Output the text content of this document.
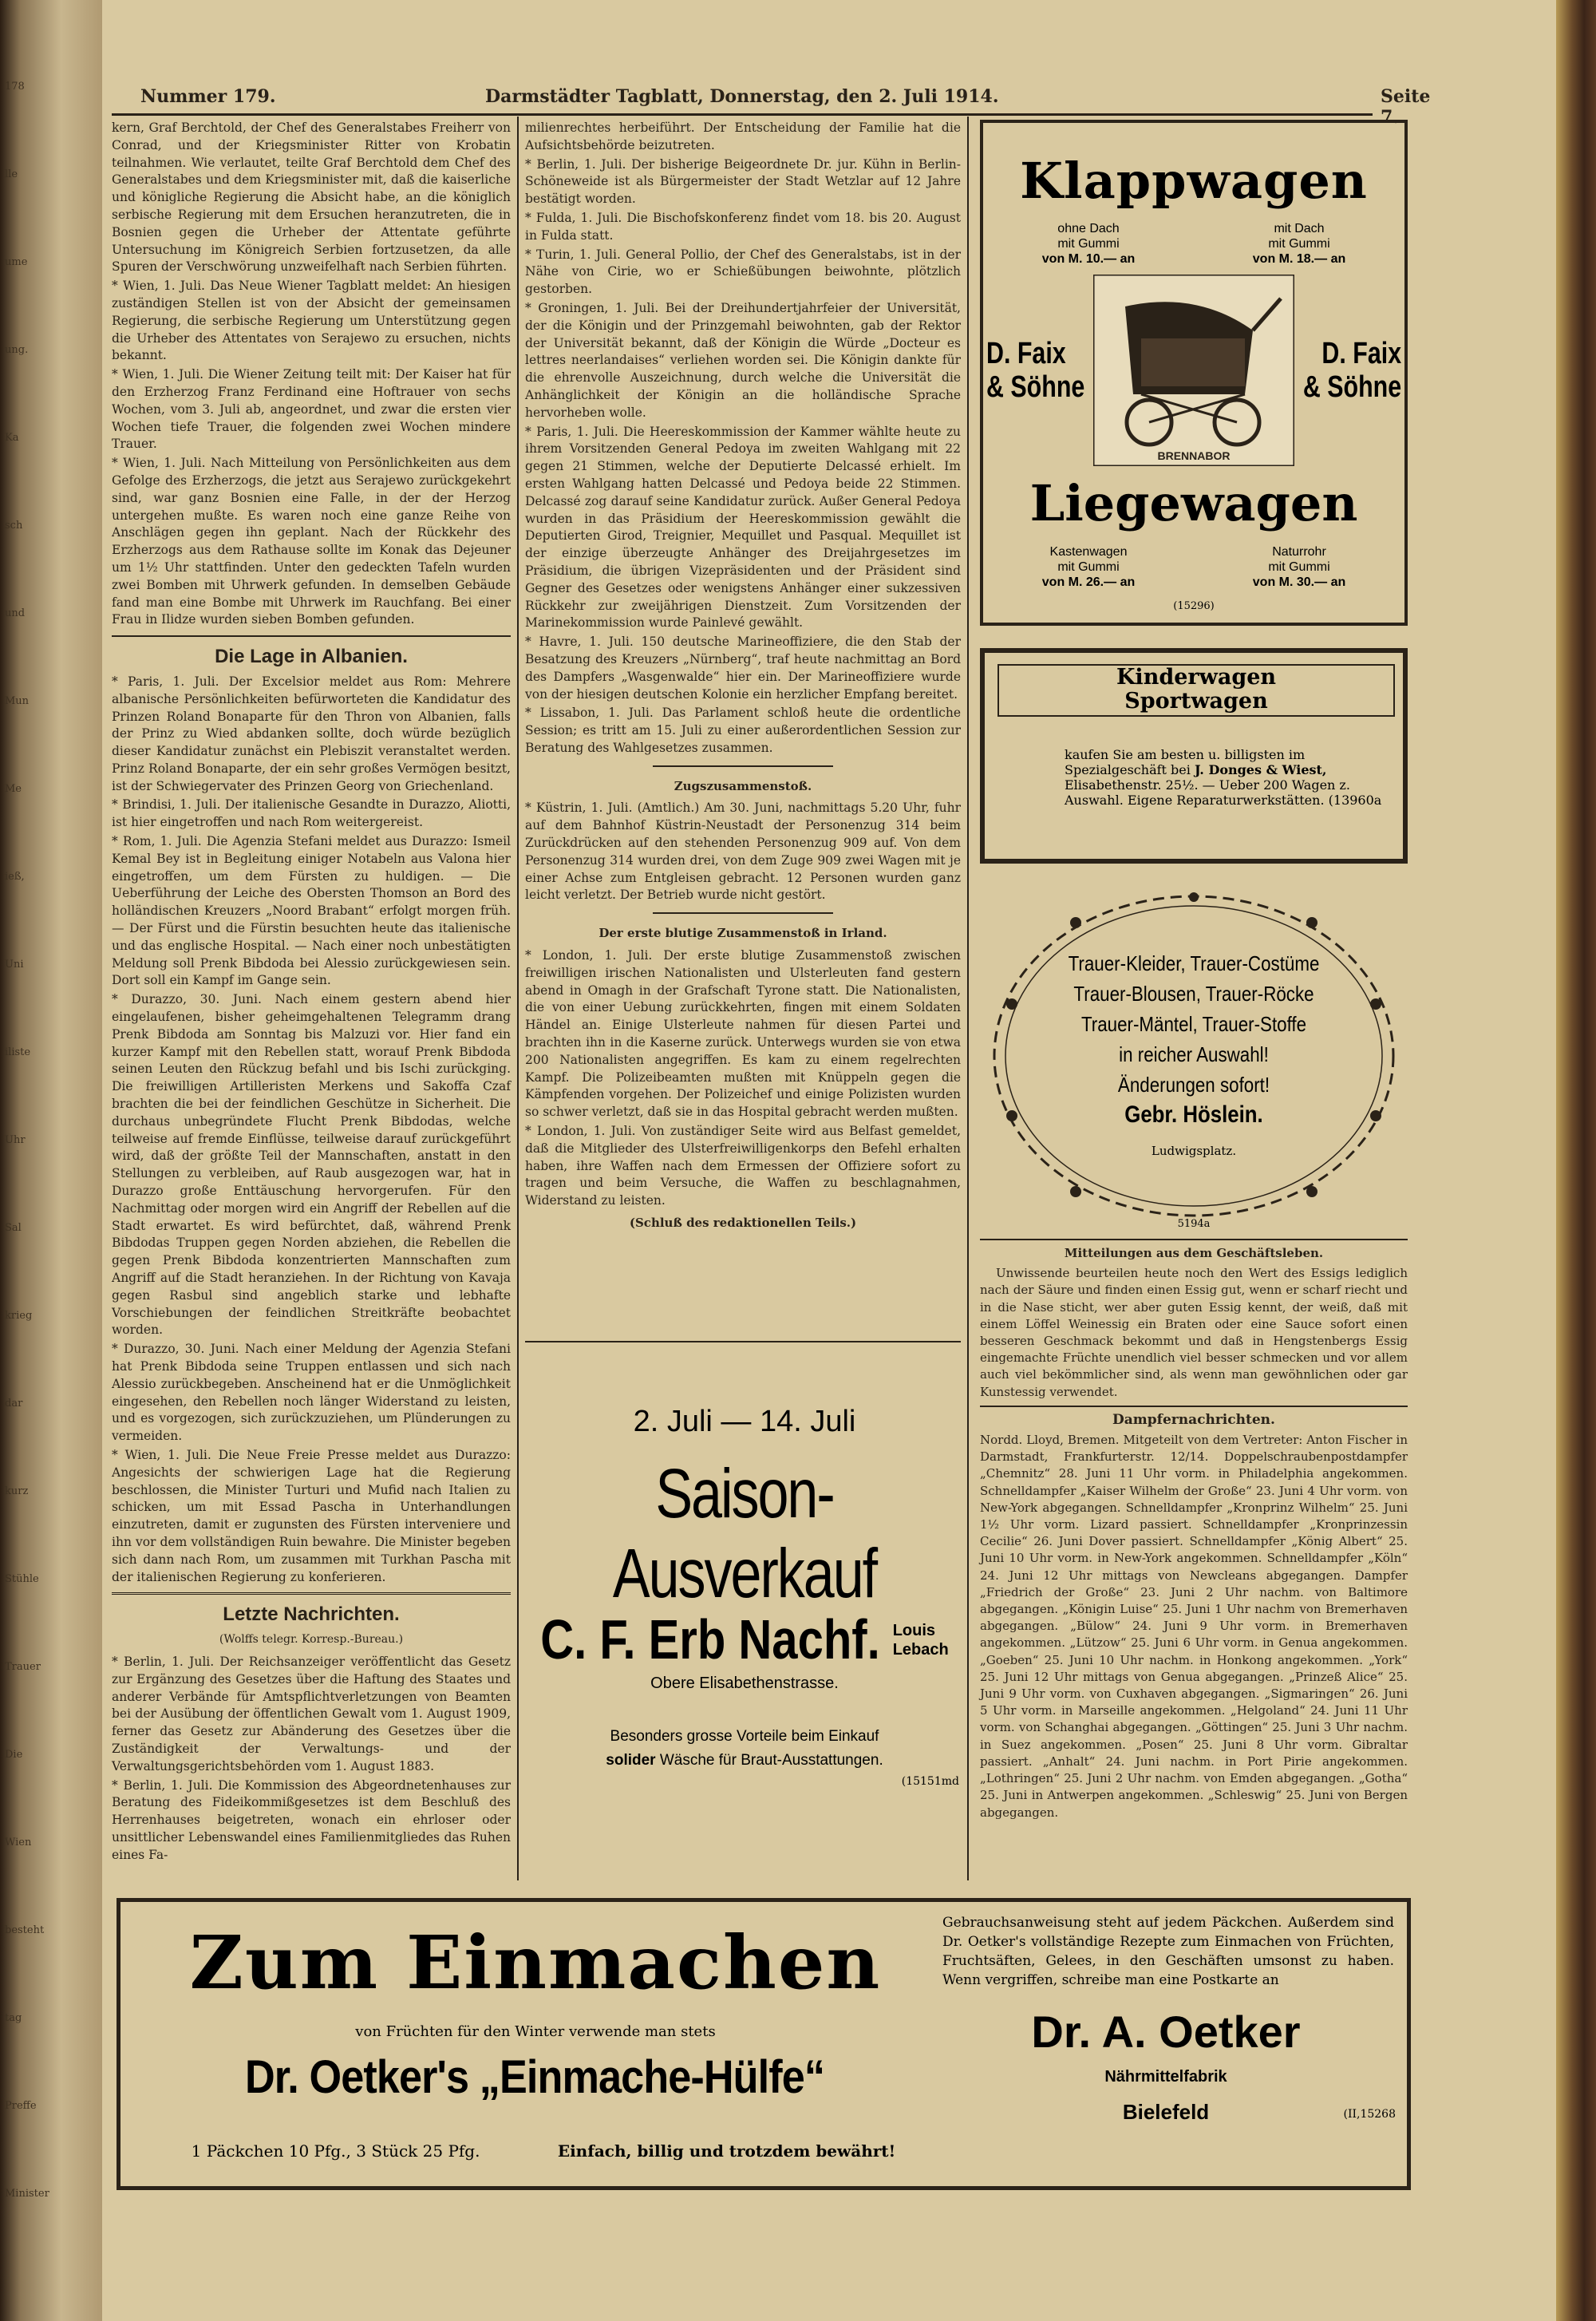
178
lle
ume
ung.
Ka
sch
und
Mun
Me
ieß,
Uni
iliste
Uhr
Sal
krieg
dar
kurz
Stühle
Trauer
Die
Wien
besteht
tag
Preffe
Minister
Nummer 179.	Darmstädter Tagblatt, Donnerstag, den 2. Juli 1914.	Seite 7.

kern, Graf Berchtold, der Chef des Generalstabes Freiherr von Conrad, und der Kriegsminister Ritter von Krobatin teilnahmen. Wie verlautet, teilte Graf Berchtold dem Chef des Generalstabes und dem Kriegsminister mit, daß die kaiserliche und königliche Regierung die Absicht habe, an die königlich serbische Regierung mit dem Ersuchen heranzutreten, die in Bosnien gegen die Urheber der Attentate geführte Untersuchung im Königreich Serbien fortzusetzen, da alle Spuren der Verschwörung unzweifelhaft nach Serbien führten.

* Wien, 1. Juli. Das Neue Wiener Tagblatt meldet: An hiesigen zuständigen Stellen ist von der Absicht der gemeinsamen Regierung, die serbische Regierung um Unterstützung gegen die Urheber des Attentates von Serajewo zu ersuchen, nichts bekannt.

* Wien, 1. Juli. Die Wiener Zeitung teilt mit: Der Kaiser hat für den Erzherzog Franz Ferdinand eine Hoftrauer von sechs Wochen, vom 3. Juli ab, angeordnet, und zwar die ersten vier Wochen tiefe Trauer, die folgenden zwei Wochen mindere Trauer.

* Wien, 1. Juli. Nach Mitteilung von Persönlichkeiten aus dem Gefolge des Erzherzogs, die jetzt aus Serajewo zurückgekehrt sind, war ganz Bosnien eine Falle, in der der Herzog untergehen mußte. Es waren noch eine ganze Reihe von Anschlägen gegen ihn geplant. Nach der Rückkehr des Erzherzogs aus dem Rathause sollte im Konak das Dejeuner um 1½ Uhr stattfinden. Unter den gedeckten Tafeln wurden zwei Bomben mit Uhrwerk gefunden. In demselben Gebäude fand man eine Bombe mit Uhrwerk im Rauchfang. Bei einer Frau in Ilidze wurden sieben Bomben gefunden.

Die Lage in Albanien.

* Paris, 1. Juli. Der Excelsior meldet aus Rom: Mehrere albanische Persönlichkeiten befürworteten die Kandidatur des Prinzen Roland Bonaparte für den Thron von Albanien, falls der Prinz zu Wied abdanken sollte, doch würde bezüglich dieser Kandidatur zunächst ein Plebiszit veranstaltet werden. Prinz Roland Bonaparte, der ein sehr großes Vermögen besitzt, ist der Schwiegervater des Prinzen Georg von Griechenland.

* Brindisi, 1. Juli. Der italienische Gesandte in Durazzo, Aliotti, ist hier eingetroffen und nach Rom weitergereist.

* Rom, 1. Juli. Die Agenzia Stefani meldet aus Durazzo: Ismeil Kemal Bey ist in Begleitung einiger Notabeln aus Valona hier eingetroffen, um dem Fürsten zu huldigen. — Die Ueberführung der Leiche des Obersten Thomson an Bord des holländischen Kreuzers „Noord Brabant“ erfolgt morgen früh. — Der Fürst und die Fürstin besuchten heute das italienische und das englische Hospital. — Nach einer noch unbestätigten Meldung soll Prenk Bibdoda bei Alessio zurückgewiesen sein. Dort soll ein Kampf im Gange sein.

* Durazzo, 30. Juni. Nach einem gestern abend hier eingelaufenen, bisher geheimgehaltenen Telegramm drang Prenk Bibdoda am Sonntag bis Malzuzi vor. Hier fand ein kurzer Kampf mit den Rebellen statt, worauf Prenk Bibdoda seinen Leuten den Rückzug befahl und bis Ischi zurückging. Die freiwilligen Artilleristen Merkens und Sakoffa Czaf brachten die bei der feindlichen Geschütze in Sicherheit. Die durchaus unbegründete Flucht Prenk Bibdodas, welche teilweise auf fremde Einflüsse, teilweise darauf zurückgeführt wird, daß der größte Teil der Mannschaften, anstatt in den Stellungen zu verbleiben, auf Raub ausgezogen war, hat in Durazzo große Enttäuschung hervorgerufen. Für den Nachmittag oder morgen wird ein Angriff der Rebellen auf die Stadt erwartet. Es wird befürchtet, daß, während Prenk Bibdodas Truppen gegen Norden abziehen, die Rebellen die gegen Prenk Bibdoda konzentrierten Mannschaften zum Angriff auf die Stadt heranziehen. In der Richtung von Kavaja gegen Rasbul sind angeblich starke und lebhafte Vorschiebungen der feindlichen Streitkräfte beobachtet worden.

* Durazzo, 30. Juni. Nach einer Meldung der Agenzia Stefani hat Prenk Bibdoda seine Truppen entlassen und sich nach Alessio zurückbegeben. Anscheinend hat er die Unmöglichkeit eingesehen, den Rebellen noch länger Widerstand zu leisten, und es vorgezogen, sich zurückzuziehen, um Plünderungen zu vermeiden.

* Wien, 1. Juli. Die Neue Freie Presse meldet aus Durazzo: Angesichts der schwierigen Lage hat die Regierung beschlossen, die Minister Turturi und Mufid nach Italien zu schicken, um mit Essad Pascha in Unterhandlungen einzutreten, damit er zugunsten des Fürsten interveniere und ihn vor dem vollständigen Ruin bewahre. Die Minister begeben sich dann nach Rom, um zusammen mit Turkhan Pascha mit der italienischen Regierung zu konferieren.

Letzte Nachrichten.
(Wolffs telegr. Korresp.-Bureau.)

* Berlin, 1. Juli. Der Reichsanzeiger veröffentlicht das Gesetz zur Ergänzung des Gesetzes über die Haftung des Staates und anderer Verbände für Amtspflichtverletzungen von Beamten bei der Ausübung der öffentlichen Gewalt vom 1. August 1909, ferner das Gesetz zur Abänderung des Gesetzes über die Zuständigkeit der Verwaltungs- und der Verwaltungsgerichtsbehörden vom 1. August 1883.

* Berlin, 1. Juli. Die Kommission des Abgeordnetenhauses zur Beratung des Fideikommißgesetzes ist dem Beschluß des Herrenhauses beigetreten, wonach ein ehrloser oder unsittlicher Lebenswandel eines Familienmitgliedes das Ruhen eines Fa-

milienrechtes herbeiführt. Der Entscheidung der Familie hat die Aufsichtsbehörde beizutreten.

* Berlin, 1. Juli. Der bisherige Beigeordnete Dr. jur. Kühn in Berlin-Schöneweide ist als Bürgermeister der Stadt Wetzlar auf 12 Jahre bestätigt worden.

* Fulda, 1. Juli. Die Bischofskonferenz findet vom 18. bis 20. August in Fulda statt.

* Turin, 1. Juli. General Pollio, der Chef des Generalstabs, ist in der Nähe von Cirie, wo er Schießübungen beiwohnte, plötzlich gestorben.

* Groningen, 1. Juli. Bei der Dreihundertjahrfeier der Universität, der die Königin und der Prinzgemahl beiwohnten, gab der Rektor der Universität bekannt, daß der Königin die Würde „Docteur es lettres neerlandaises“ verliehen worden sei. Die Königin dankte für die ehrenvolle Auszeichnung, durch welche die Universität die Anhänglichkeit der Königin an die holländische Sprache hervorheben wolle.

* Paris, 1. Juli. Die Heereskommission der Kammer wählte heute zu ihrem Vorsitzenden General Pedoya im zweiten Wahlgang mit 22 gegen 21 Stimmen, welche der Deputierte Delcassé erhielt. Im ersten Wahlgang hatten Delcassé und Pedoya beide 22 Stimmen. Delcassé zog darauf seine Kandidatur zurück. Außer General Pedoya wurden in das Präsidium der Heereskommission gewählt die Deputierten Girod, Treignier, Mequillet und Pasqual. Mequillet ist der einzige überzeugte Anhänger des Dreijahrgesetzes im Präsidium, die übrigen Vizepräsidenten und der Präsident sind Gegner des Gesetzes oder wenigstens Anhänger einer sukzessiven Rückkehr zur zweijährigen Dienstzeit. Zum Vorsitzenden der Marinekommission wurde Painlevé gewählt.

* Havre, 1. Juli. 150 deutsche Marineoffiziere, die den Stab der Besatzung des Kreuzers „Nürnberg“, traf heute nachmittag an Bord des Dampfers „Wasgenwalde“ hier ein. Der Marineoffiziere wurde von der hiesigen deutschen Kolonie ein herzlicher Empfang bereitet.

* Lissabon, 1. Juli. Das Parlament schloß heute die ordentliche Session; es tritt am 15. Juli zu einer außerordentlichen Session zur Beratung des Wahlgesetzes zusammen.

Zugszusammenstoß.

* Küstrin, 1. Juli. (Amtlich.) Am 30. Juni, nachmittags 5.20 Uhr, fuhr auf dem Bahnhof Küstrin-Neustadt der Personenzug 314 beim Zurückdrücken auf den stehenden Personenzug 909 auf. Von dem Personenzug 314 wurden drei, von dem Zuge 909 zwei Wagen mit je einer Achse zum Entgleisen gebracht. 12 Personen wurden ganz leicht verletzt. Der Betrieb wurde nicht gestört.

Der erste blutige Zusammenstoß in Irland.

* London, 1. Juli. Der erste blutige Zusammenstoß zwischen freiwilligen irischen Nationalisten und Ulsterleuten fand gestern abend in Omagh in der Grafschaft Tyrone statt. Die Nationalisten, die von einer Uebung zurückkehrten, fingen mit einem Soldaten Händel an. Einige Ulsterleute nahmen für diesen Partei und brachten ihn in die Kaserne zurück. Unterwegs wurden sie von etwa 200 Nationalisten angegriffen. Es kam zu einem regelrechten Kampf. Die Polizeibeamten mußten mit Knüppeln gegen die Kämpfenden vorgehen. Der Polizeichef und einige Polizisten wurden so schwer verletzt, daß sie in das Hospital gebracht werden mußten.

* London, 1. Juli. Von zuständiger Seite wird aus Belfast gemeldet, daß die Mitglieder des Ulsterfreiwilligenkorps den Befehl erhalten haben, ihre Waffen nach dem Ermessen der Offiziere sofort zu tragen und beim Versuche, die Waffen zu beschlagnahmen, Widerstand zu leisten.

(Schluß des redaktionellen Teils.)
2. Juli — 14. Juli
Saison-Ausverkauf
C. F. Erb Nachf. Louis
Lebach
Obere Elisabethenstrasse.
Besonders grosse Vorteile beim Einkauf
solider Wäsche für Braut-Ausstattungen.
(15151md
Klappwagen
ohne Dach
mit Gummi
von M. 10.— an
mit Dach
mit Gummi
von M. 18.— an
D. Faix
& Söhne
D. Faix
& Söhne
BRENNABOR
Liegewagen
Kastenwagen
mit Gummi
von M. 26.— an
Naturrohr
mit Gummi
von M. 30.— an
(15296)
Kinderwagen
Sportwagen
kaufen Sie am besten u. billigsten im Spezialgeschäft bei J. Donges & Wiest, Elisabethenstr. 25½. — Ueber 200 Wagen z. Auswahl. Eigene Reparaturwerkstätten. (13960a
Trauer-Kleider, Trauer-Costüme
Trauer-Blousen, Trauer-Röcke
Trauer-Mäntel, Trauer-Stoffe
in reicher Auswahl!
Änderungen sofort!
Gebr. Höslein.
Ludwigsplatz.
5194a
Mitteilungen aus dem Geschäftsleben.

Unwissende beurteilen heute noch den Wert des Essigs lediglich nach der Säure und finden einen Essig gut, wenn er scharf riecht und in die Nase sticht, wer aber guten Essig kennt, der weiß, daß mit einem Löffel Weinessig ein Braten oder eine Sauce sofort einen besseren Geschmack bekommt und daß in Hengstenbergs Essig eingemachte Früchte unendlich viel besser schmecken und vor allem auch viel bekömmlicher sind, als wenn man gewöhnlichen oder gar Kunstessig verwendet.

Dampfernachrichten.

Nordd. Lloyd, Bremen. Mitgeteilt von dem Vertreter: Anton Fischer in Darmstadt, Frankfurterstr. 12/14. Doppelschraubenpostdampfer „Chemnitz“ 28. Juni 11 Uhr vorm. in Philadelphia angekommen. Schnelldampfer „Kaiser Wilhelm der Große“ 23. Juni 4 Uhr vorm. von New-York abgegangen. Schnelldampfer „Kronprinz Wilhelm“ 25. Juni 1½ Uhr vorm. Lizard passiert. Schnelldampfer „Kronprinzessin Cecilie“ 26. Juni Dover passiert. Schnelldampfer „König Albert“ 25. Juni 10 Uhr vorm. in New-York angekommen. Schnelldampfer „Köln“ 24. Juni 12 Uhr mittags von Newcleans abgegangen. Dampfer „Friedrich der Große“ 23. Juni 2 Uhr nachm. von Baltimore abgegangen. „Königin Luise“ 25. Juni 1 Uhr nachm von Bremerhaven abgegangen. „Bülow“ 24. Juni 9 Uhr vorm. in Bremerhaven angekommen. „Lützow“ 25. Juni 6 Uhr vorm. in Genua angekommen. „Goeben“ 25. Juni 10 Uhr nachm. in Honkong angekommen. „York“ 25. Juni 12 Uhr mittags von Genua abgegangen. „Prinzeß Alice“ 25. Juni 9 Uhr vorm. von Cuxhaven abgegangen. „Sigmaringen“ 26. Juni 5 Uhr vorm. in Marseille angekommen. „Helgoland“ 24. Juni 11 Uhr vorm. von Schanghai abgegangen. „Göttingen“ 25. Juni 3 Uhr nachm. in Suez angekommen. „Posen“ 25. Juni 8 Uhr vorm. Gibraltar passiert. „Anhalt“ 24. Juni nachm. in Port Pirie angekommen. „Lothringen“ 25. Juni 2 Uhr nachm. von Emden abgegangen. „Gotha“ 25. Juni in Antwerpen angekommen. „Schleswig“ 25. Juni von Bergen abgegangen.

Zum Einmachen
von Früchten für den Winter verwende man stets
Dr. Oetker's „Einmache-Hülfe“
1 Päckchen 10 Pfg., 3 Stück 25 Pfg.	Einfach, billig und trotzdem bewährt!
Gebrauchsanweisung steht auf jedem Päckchen. Außerdem sind Dr. Oetker's vollständige Rezepte zum Einmachen von Früchten, Fruchtsäften, Gelees, in den Geschäften umsonst zu haben. Wenn vergriffen, schreibe man eine Postkarte an
Dr. A. Oetker
Nährmittelfabrik
Bielefeld	(II,15268
